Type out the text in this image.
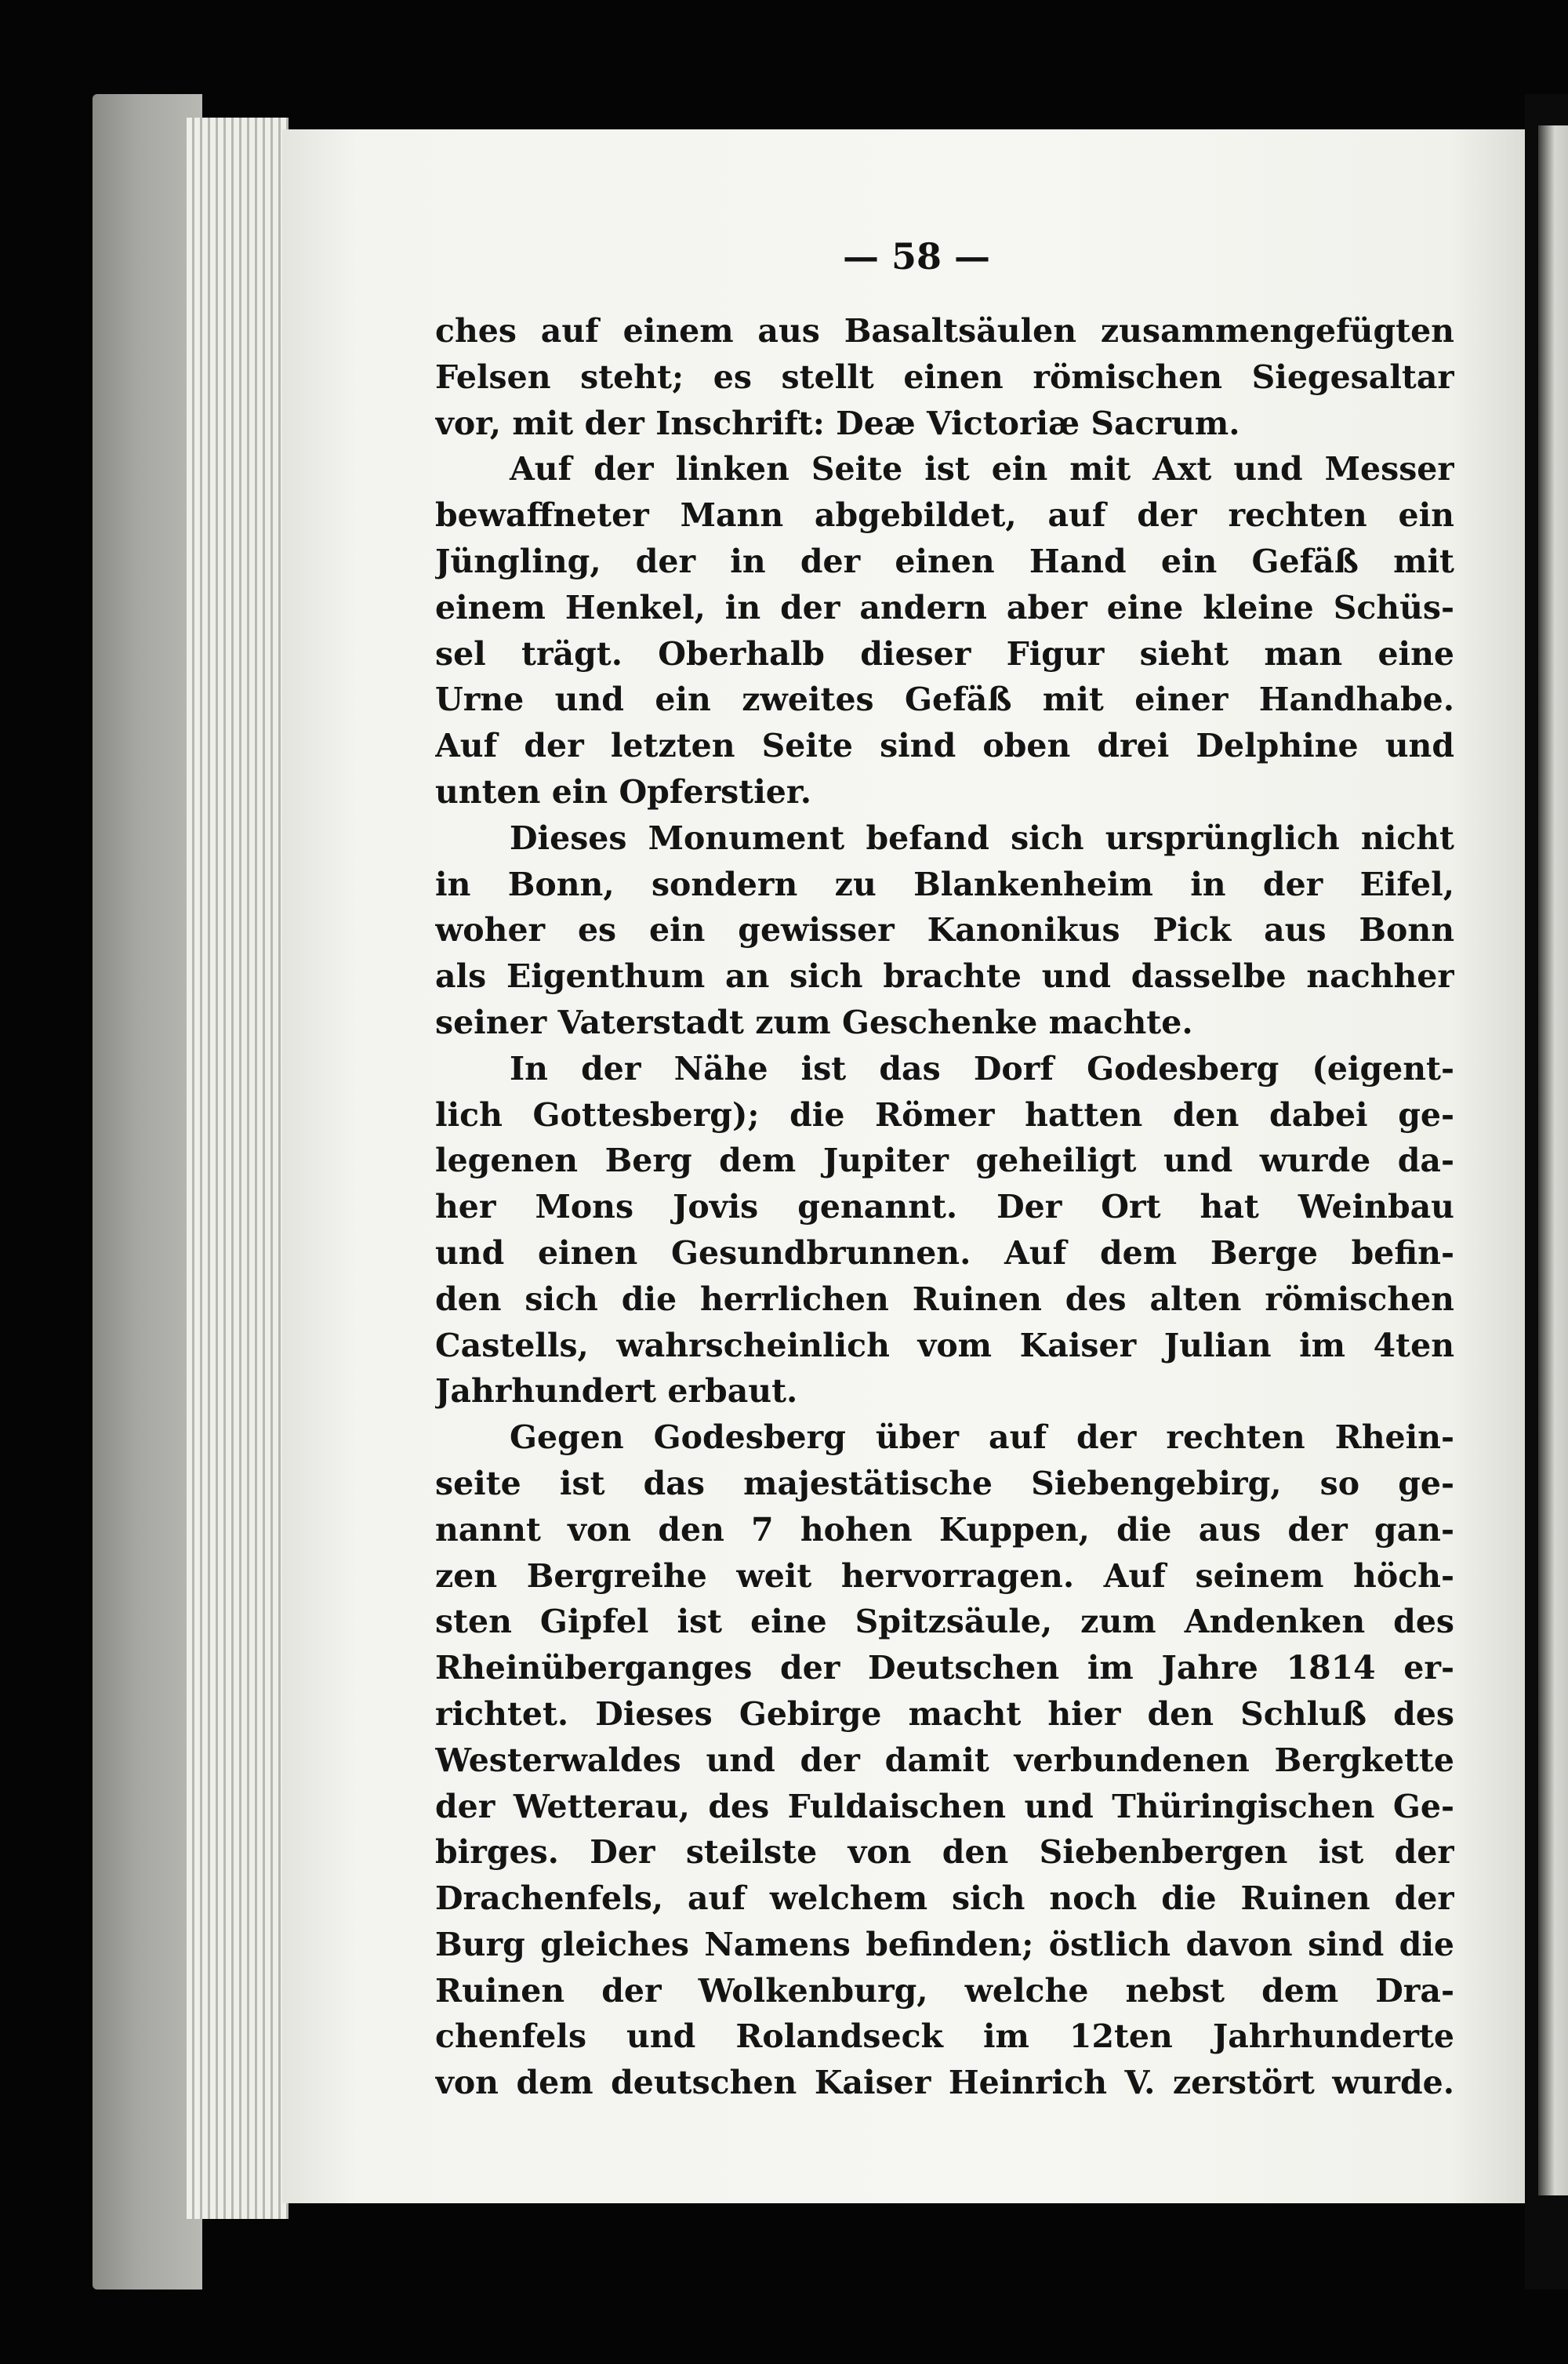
— 58 —
ches auf einem aus Basaltsäulen zusammengefügten
Felsen steht; es stellt einen römischen Siegesaltar
vor, mit der Inschrift: Deæ Victoriæ Sacrum.
Auf der linken Seite ist ein mit Axt und Messer
bewaffneter Mann abgebildet, auf der rechten ein
Jüngling, der in der einen Hand ein Gefäß mit
einem Henkel, in der andern aber eine kleine Schüs-
sel trägt. Oberhalb dieser Figur sieht man eine
Urne und ein zweites Gefäß mit einer Handhabe.
Auf der letzten Seite sind oben drei Delphine und
unten ein Opferstier.
Dieses Monument befand sich ursprünglich nicht
in Bonn, sondern zu Blankenheim in der Eifel,
woher es ein gewisser Kanonikus Pick aus Bonn
als Eigenthum an sich brachte und dasselbe nachher
seiner Vaterstadt zum Geschenke machte.
In der Nähe ist das Dorf Godesberg (eigent-
lich Gottesberg); die Römer hatten den dabei ge-
legenen Berg dem Jupiter geheiligt und wurde da-
her Mons Jovis genannt. Der Ort hat Weinbau
und einen Gesundbrunnen. Auf dem Berge befin-
den sich die herrlichen Ruinen des alten römischen
Castells, wahrscheinlich vom Kaiser Julian im 4ten
Jahrhundert erbaut.
Gegen Godesberg über auf der rechten Rhein-
seite ist das majestätische Siebengebirg, so ge-
nannt von den 7 hohen Kuppen, die aus der gan-
zen Bergreihe weit hervorragen. Auf seinem höch-
sten Gipfel ist eine Spitzsäule, zum Andenken des
Rheinüberganges der Deutschen im Jahre 1814 er-
richtet. Dieses Gebirge macht hier den Schluß des
Westerwaldes und der damit verbundenen Bergkette
der Wetterau, des Fuldaischen und Thüringischen Ge-
birges. Der steilste von den Siebenbergen ist der
Drachenfels, auf welchem sich noch die Ruinen der
Burg gleiches Namens befinden; östlich davon sind die
Ruinen der Wolkenburg, welche nebst dem Dra-
chenfels und Rolandseck im 12ten Jahrhunderte
von dem deutschen Kaiser Heinrich V. zerstört wurde.
